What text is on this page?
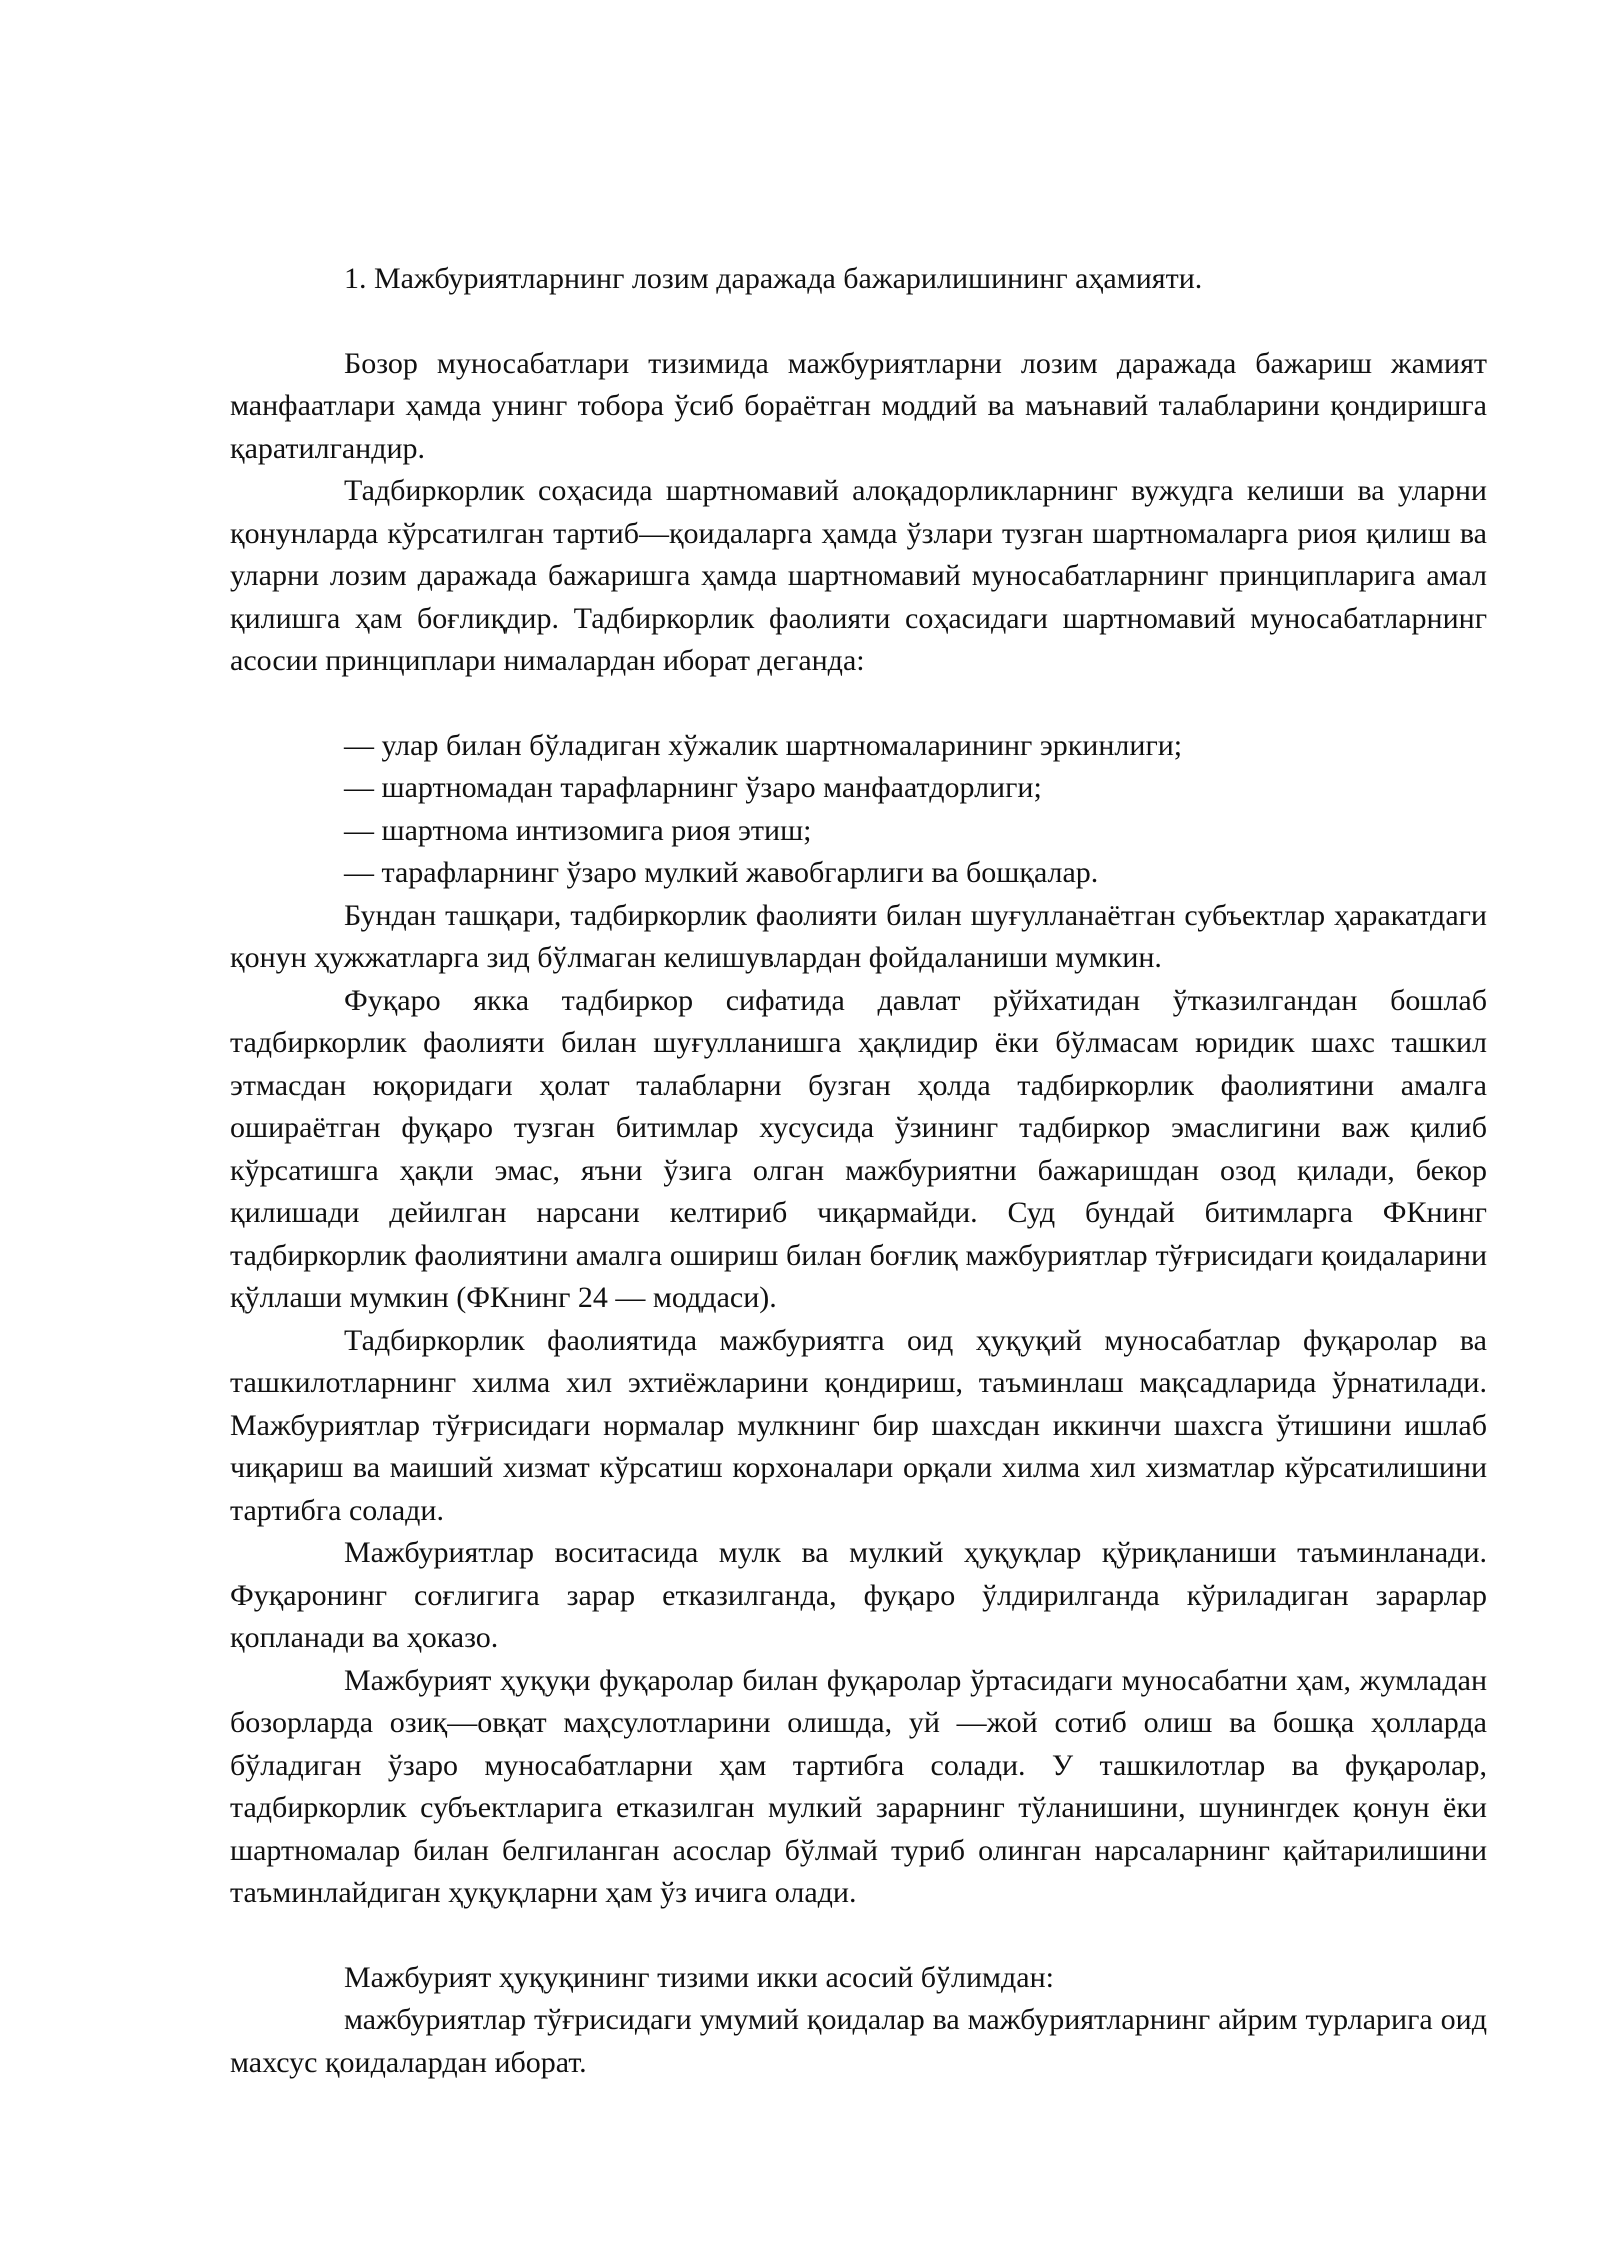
1. Мажбуриятларнинг лозим даражада бажарилишининг аҳамияти.

Бозор муносабатлари тизимида мажбуриятларни лозим даражада бажариш жамият манфаатлари ҳамда унинг тобора ўсиб бораётган моддий ва маънавий талабларини қондиришга қаратилгандир.

Тадбиркорлик соҳасида шартномавий алоқадорликларнинг вужудга келиши ва уларни қонунларда кўрсатилган тартиб—қоидаларга ҳамда ўзлари тузган шартномаларга риоя қилиш ва уларни лозим даражада бажаришга ҳамда шартномавий муносабатларнинг принципларига амал қилишга ҳам боғлиқдир. Тадбиркорлик фаолияти соҳасидаги шартномавий муносабатларнинг асосии принциплари нималардан иборат деганда:

— улар билан бўладиган хўжалик шартномаларининг эркинлиги;
— шартномадан тарафларнинг ўзаро манфаатдорлиги;
— шартнома интизомига риоя этиш;
— тарафларнинг ўзаро мулкий жавобгарлиги ва бошқалар.

Бундан ташқари, тадбиркорлик фаолияти билан шуғулланаётган субъектлар ҳаракатдаги қонун ҳужжатларга зид бўлмаган келишувлардан фойдаланиши мумкин.

Фуқаро якка тадбиркор сифатида давлат рўйхатидан ўтказилгандан бошлаб тадбиркорлик фаолияти билан шуғулланишга ҳақлидир ёки бўлмасам юридик шахс ташкил этмасдан юқоридаги ҳолат талабларни бузган ҳолда тадбиркорлик фаолиятини амалга ошираётган фуқаро тузган битимлар хусусида ўзининг тадбиркор эмаслигини важ қилиб кўрсатишга ҳақли эмас, яъни ўзига олган мажбуриятни бажаришдан озод қилади, бекор қилишади дейилган нарсани келтириб чиқармайди. Суд бундай битимларга ФКнинг тадбиркорлик фаолиятини амалга ошириш билан боғлиқ мажбуриятлар тўғрисидаги қоидаларини қўллаши мумкин (ФКнинг 24 — моддаси).

Тадбиркорлик фаолиятида мажбуриятга оид ҳуқуқий муносабатлар фуқаролар ва ташкилотларнинг хилма хил эхтиёжларини қондириш, таъминлаш мақсадларида ўрнатилади. Мажбуриятлар тўғрисидаги нормалар мулкнинг бир шахсдан иккинчи шахсга ўтишини ишлаб чиқариш ва маиший хизмат кўрсатиш корхоналари орқали хилма хил хизматлар кўрсатилишини тартибга солади.

Мажбуриятлар воситасида мулк ва мулкий ҳуқуқлар қўриқланиши таъминланади. Фуқаронинг соғлигига зарар етказилганда, фуқаро ўлдирилганда кўриладиган зарарлар қопланади ва ҳоказо.

Мажбурият ҳуқуқи фуқаролар билан фуқаролар ўртасидаги муносабатни ҳам, жумладан бозорларда озиқ—овқат маҳсулотларини олишда, уй —жой сотиб олиш ва бошқа ҳолларда бўладиган ўзаро муносабатларни ҳам тартибга солади. У ташкилотлар ва фуқаролар, тадбиркорлик субъектларига етказилган мулкий зарарнинг тўланишини, шунингдек қонун ёки шартномалар билан белгиланган асослар бўлмай туриб олинган нарсаларнинг қайтарилишини таъминлайдиган ҳуқуқларни ҳам ўз ичига олади.

Мажбурият ҳуқуқининг тизими икки асосий бўлимдан:

мажбуриятлар тўғрисидаги умумий қоидалар ва мажбуриятларнинг айрим турларига оид махсус қоидалардан иборат.
